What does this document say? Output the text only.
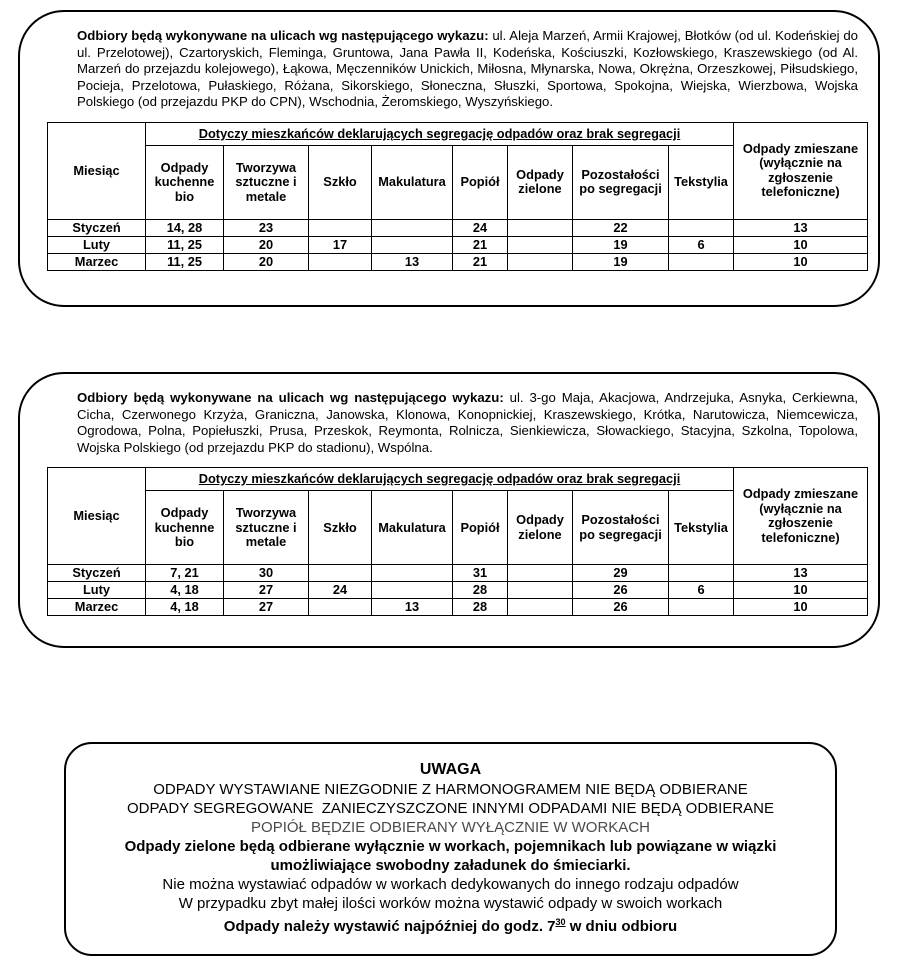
Odbiory będą wykonywane na ulicach wg następującego wykazu: ul. Aleja Marzeń, Armii Krajowej, Błotków (od ul. Kodeńskiej do ul. Przelotowej), Czartoryskich, Fleminga, Gruntowa, Jana Pawła II, Kodeńska, Kościuszki, Kozłowskiego, Kraszewskiego (od Al. Marzeń do przejazdu kolejowego), Łąkowa, Męczenników Unickich, Miłosna, Młynarska, Nowa, Okrężna, Orzeszkowej, Piłsudskiego, Pocieja, Przelotowa, Pułaskiego, Różana, Sikorskiego, Słoneczna, Słuszki, Sportowa, Spokojna, Wiejska, Wierzbowa, Wojska Polskiego (od przejazdu PKP do CPN), Wschodnia, Żeromskiego, Wyszyńskiego.

Miesiąc	Dotyczy mieszkańców deklarujących segregację odpadów oraz brak segregacji								Odpady zmieszane (wyłącznie na zgłoszenie telefoniczne)
	Odpady kuchenne bio	Tworzywa sztuczne i metale	Szkło	Makulatura	Popiół	Odpady zielone	Pozostałości po segregacji	Tekstylia	
Styczeń	14, 28	23			24		22		13
Luty	11, 25	20	17		21		19	6	10
Marzec	11, 25	20		13	21		19		10

Odbiory będą wykonywane na ulicach wg następującego wykazu: ul. 3-go Maja, Akacjowa, Andrzejuka, Asnyka, Cerkiewna, Cicha, Czerwonego Krzyża, Graniczna, Janowska, Klonowa, Konopnickiej, Kraszewskiego, Krótka, Narutowicza, Niemcewicza, Ogrodowa, Polna, Popiełuszki, Prusa, Przeskok, Reymonta, Rolnicza, Sienkiewicza, Słowackiego, Stacyjna, Szkolna, Topolowa, Wojska Polskiego (od przejazdu PKP do stadionu), Wspólna.

Miesiąc	Dotyczy mieszkańców deklarujących segregację odpadów oraz brak segregacji								Odpady zmieszane (wyłącznie na zgłoszenie telefoniczne)
	Odpady kuchenne bio	Tworzywa sztuczne i metale	Szkło	Makulatura	Popiół	Odpady zielone	Pozostałości po segregacji	Tekstylia	
Styczeń	7, 21	30			31		29		13
Luty	4, 18	27	24		28		26	6	10
Marzec	4, 18	27		13	28		26		10
UWAGA
ODPADY WYSTAWIANE NIEZGODNIE Z HARMONOGRAMEM NIE BĘDĄ ODBIERANE
ODPADY SEGREGOWANE  ZANIECZYSZCZONE INNYMI ODPADAMI NIE BĘDĄ ODBIERANE
POPIÓŁ BĘDZIE ODBIERANY WYŁĄCZNIE W WORKACH
Odpady zielone będą odbierane wyłącznie w workach, pojemnikach lub powiązane w wiązki umożliwiające swobodny załadunek do śmieciarki.
Nie można wystawiać odpadów w workach dedykowanych do innego rodzaju odpadów
W przypadku zbyt małej ilości worków można wystawić odpady w swoich workach
Odpady należy wystawić najpóźniej do godz. $7^{30}$ w dniu odbioru
